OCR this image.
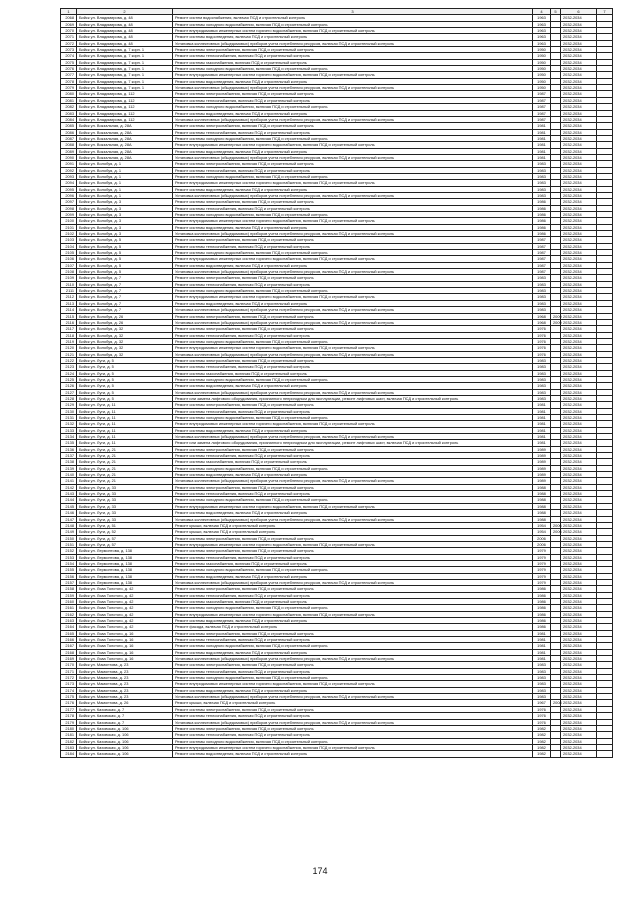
1	2	3	4	5	6	7
2068	Бийск ул. Владимирова, д. 48	Ремонт систем водоснабжения, включая ПСД и строительный контроль	1963		2032-2034	
2069	Бийск ул. Владимирова, д. 48	Ремонт системы холодного водоснабжения, включая ПСД и строительный контроль	1963		2032-2034	
2070	Бийск ул. Владимирова, д. 48	Ремонт внутридомовых инженерных систем горячего водоснабжения, включая ПСД и строительный контроль	1963		2032-2034	
2071	Бийск ул. Владимирова, д. 48	Ремонт системы водоотведения, включая ПСД и строительный контроль	1963		2032-2034	
2072	Бийск ул. Владимирова, д. 48	Установка коллективных (общедомовых) приборов учета потребления ресурсов, включая ПСД и строительный контроль	1963		2032-2034	
2073	Бийск ул. Владимирова, д. 7 корп. 1	Ремонт системы электроснабжения, включая ПСД и строительный контроль	1950		2032-2034	
2074	Бийск ул. Владимирова, д. 7 корп. 1	Ремонт системы теплоснабжения, включая ПСД и строительный контроль	1950		2032-2034	
2075	Бийск ул. Владимирова, д. 7 корп. 1	Ремонт системы газоснабжения, включая ПСД и строительный контроль	1950		2032-2034	
2076	Бийск ул. Владимирова, д. 7 корп. 1	Ремонт системы холодного водоснабжения, включая ПСД и строительный контроль	1950		2032-2034	
2077	Бийск ул. Владимирова, д. 7 корп. 1	Ремонт внутридомовых инженерных систем горячего водоснабжения, включая ПСД и строительный контроль	1950		2032-2034	
2078	Бийск ул. Владимирова, д. 7 корп. 1	Ремонт системы водоотведения, включая ПСД и строительный контроль	1950		2032-2034	
2079	Бийск ул. Владимирова, д. 7 корп. 1	Установка коллективных (общедомовых) приборов учета потребления ресурсов, включая ПСД и строительный контроль	1950		2032-2034	
2080	Бийск ул. Владимирова, д. 112	Ремонт системы электроснабжения, включая ПСД и строительный контроль	1987		2032-2034	
2081	Бийск ул. Владимирова, д. 112	Ремонт системы теплоснабжения, включая ПСД и строительный контроль	1987		2032-2034	
2082	Бийск ул. Владимирова, д. 112	Ремонт системы холодного водоснабжения, включая ПСД и строительный контроль	1987		2032-2034	
2083	Бийск ул. Владимирова, д. 112	Ремонт системы водоотведения, включая ПСД и строительный контроль	1987		2032-2034	
2084	Бийск ул. Владимирова, д. 112	Установка коллективных (общедомовых) приборов учета потребления ресурсов, включая ПСД и строительный контроль	1987		2032-2034	
2085	Бийск ул. Вокзальная, д. 28А	Ремонт системы электроснабжения, включая ПСД и строительный контроль	1981		2032-2034	
2086	Бийск ул. Вокзальная, д. 28А	Ремонт системы теплоснабжения, включая ПСД и строительный контроль	1981		2032-2034	
2087	Бийск ул. Вокзальная, д. 28А	Ремонт системы холодного водоснабжения, включая ПСД и строительный контроль	1981		2032-2034	
2088	Бийск ул. Вокзальная, д. 28А	Ремонт внутридомовых инженерных систем горячего водоснабжения, включая ПСД и строительный контроль	1981		2032-2034	
2089	Бийск ул. Вокзальная, д. 28А	Ремонт системы водоотведения, включая ПСД и строительный контроль	1981		2032-2034	
2090	Бийск ул. Вокзальная, д. 28А	Установка коллективных (общедомовых) приборов учета потребления ресурсов, включая ПСД и строительный контроль	1981		2032-2034	
2091	Бийск ул. Волобуя, д. 1	Ремонт системы электроснабжения, включая ПСД и строительный контроль	1983		2032-2034	
2092	Бийск ул. Волобуя, д. 1	Ремонт системы теплоснабжения, включая ПСД и строительный контроль	1983		2032-2034	
2093	Бийск ул. Волобуя, д. 1	Ремонт системы холодного водоснабжения, включая ПСД и строительный контроль	1983		2032-2034	
2094	Бийск ул. Волобуя, д. 1	Ремонт внутридомовых инженерных систем горячего водоснабжения, включая ПСД и строительный контроль	1983		2032-2034	
2095	Бийск ул. Волобуя, д. 1	Ремонт системы водоотведения, включая ПСД и строительный контроль	1983		2032-2034	
2096	Бийск ул. Волобуя, д. 1	Установка коллективных (общедомовых) приборов учета потребления ресурсов, включая ПСД и строительный контроль	1983		2032-2034	
2097	Бийск ул. Волобуя, д. 3	Ремонт системы электроснабжения, включая ПСД и строительный контроль	1986		2032-2034	
2098	Бийск ул. Волобуя, д. 3	Ремонт системы теплоснабжения, включая ПСД и строительный контроль	1986		2032-2034	
2099	Бийск ул. Волобуя, д. 3	Ремонт системы холодного водоснабжения, включая ПСД и строительный контроль	1986		2032-2034	
2100	Бийск ул. Волобуя, д. 3	Ремонт внутридомовых инженерных систем горячего водоснабжения, включая ПСД и строительный контроль	1986		2032-2034	
2101	Бийск ул. Волобуя, д. 3	Ремонт системы водоотведения, включая ПСД и строительный контроль	1986		2032-2034	
2102	Бийск ул. Волобуя, д. 3	Установка коллективных (общедомовых) приборов учета потребления ресурсов, включая ПСД и строительный контроль	1986		2032-2034	
2103	Бийск ул. Волобуя, д. 5	Ремонт системы электроснабжения, включая ПСД и строительный контроль	1987		2032-2034	
2104	Бийск ул. Волобуя, д. 5	Ремонт системы теплоснабжения, включая ПСД и строительный контроль	1987		2032-2034	
2105	Бийск ул. Волобуя, д. 5	Ремонт системы холодного водоснабжения, включая ПСД и строительный контроль	1987		2032-2034	
2106	Бийск ул. Волобуя, д. 5	Ремонт внутридомовых инженерных систем горячего водоснабжения, включая ПСД и строительный контроль	1987		2032-2034	
2107	Бийск ул. Волобуя, д. 5	Ремонт системы водоотведения, включая ПСД и строительный контроль	1987		2032-2034	
2108	Бийск ул. Волобуя, д. 5	Установка коллективных (общедомовых) приборов учета потребления ресурсов, включая ПСД и строительный контроль	1987		2032-2034	
2109	Бийск ул. Волобуя, д. 7	Ремонт системы электроснабжения, включая ПСД и строительный контроль	1983		2032-2034	
2110	Бийск ул. Волобуя, д. 7	Ремонт системы теплоснабжения, включая ПСД и строительный контроль	1983		2032-2034	
2111	Бийск ул. Волобуя, д. 7	Ремонт системы холодного водоснабжения, включая ПСД и строительный контроль	1983		2032-2034	
2112	Бийск ул. Волобуя, д. 7	Ремонт внутридомовых инженерных систем горячего водоснабжения, включая ПСД и строительный контроль	1983		2032-2034	
2113	Бийск ул. Волобуя, д. 7	Ремонт системы водоотведения, включая ПСД и строительный контроль	1983		2032-2034	
2114	Бийск ул. Волобуя, д. 7	Установка коллективных (общедомовых) приборов учета потребления ресурсов, включая ПСД и строительный контроль	1983		2032-2034	
2115	Бийск ул. Волобуя, д. 26	Ремонт системы электроснабжения, включая ПСД и строительный контроль	1968	2009	2032-2034	
2116	Бийск ул. Волобуя, д. 26	Установка коллективных (общедомовых) приборов учета потребления ресурсов, включая ПСД и строительный контроль	1968	2009	2032-2034	
2117	Бийск ул. Волобуя, д. 32	Ремонт системы электроснабжения, включая ПСД и строительный контроль	1976		2032-2034	
2118	Бийск ул. Волобуя, д. 32	Ремонт системы теплоснабжения, включая ПСД и строительный контроль	1976		2032-2034	
2119	Бийск ул. Волобуя, д. 32	Ремонт системы холодного водоснабжения, включая ПСД и строительный контроль	1976		2032-2034	
2120	Бийск ул. Волобуя, д. 32	Ремонт внутридомовых инженерных систем горячего водоснабжения, включая ПСД и строительный контроль	1976		2032-2034	
2121	Бийск ул. Волобуя, д. 32	Установка коллективных (общедомовых) приборов учета потребления ресурсов, включая ПСД и строительный контроль	1976		2032-2034	
2122	Бийск ул. Луги, д. 5	Ремонт системы электроснабжения, включая ПСД и строительный контроль	1983		2032-2034	
2123	Бийск ул. Луги, д. 5	Ремонт системы теплоснабжения, включая ПСД и строительный контроль	1983		2032-2034	
2124	Бийск ул. Луги, д. 5	Ремонт системы газоснабжения, включая ПСД и строительный контроль	1983		2032-2034	
2125	Бийск ул. Луги, д. 5	Ремонт системы холодного водоснабжения, включая ПСД и строительный контроль	1983		2032-2034	
2126	Бийск ул. Луги, д. 5	Ремонт системы водоотведения, включая ПСД и строительный контроль	1983		2032-2034	
2127	Бийск ул. Луги, д. 5	Установка коллективных (общедомовых) приборов учета потребления ресурсов, включая ПСД и строительный контроль	1983		2032-2034	
2128	Бийск ул. Луги, д. 5	Ремонт или замена лифтового оборудования, признанного непригодным для эксплуатации, ремонт лифтовых шахт, включая ПСД и строительный контроль	1983		2032-2034	
2129	Бийск ул. Луги, д. 11	Ремонт системы электроснабжения, включая ПСД и строительный контроль	1981		2032-2034	
2130	Бийск ул. Луги, д. 11	Ремонт системы теплоснабжения, включая ПСД и строительный контроль	1981		2032-2034	
2131	Бийск ул. Луги, д. 11	Ремонт системы холодного водоснабжения, включая ПСД и строительный контроль	1981		2032-2034	
2132	Бийск ул. Луги, д. 11	Ремонт внутридомовых инженерных систем горячего водоснабжения, включая ПСД и строительный контроль	1981		2032-2034	
2133	Бийск ул. Луги, д. 11	Ремонт системы водоотведения, включая ПСД и строительный контроль	1981		2032-2034	
2134	Бийск ул. Луги, д. 11	Установка коллективных (общедомовых) приборов учета потребления ресурсов, включая ПСД и строительный контроль	1981		2032-2034	
2135	Бийск ул. Луги, д. 11	Ремонт или замена лифтового оборудования, признанного непригодным для эксплуатации, ремонт лифтовых шахт, включая ПСД и строительный контроль	1981		2032-2034	
2136	Бийск ул. Луги, д. 21	Ремонт системы электроснабжения, включая ПСД и строительный контроль	1989		2032-2034	
2137	Бийск ул. Луги, д. 21	Ремонт системы теплоснабжения, включая ПСД и строительный контроль	1989		2032-2034	
2138	Бийск ул. Луги, д. 21	Ремонт системы газоснабжения, включая ПСД и строительный контроль	1989		2032-2034	
2139	Бийск ул. Луги, д. 21	Ремонт системы холодного водоснабжения, включая ПСД и строительный контроль	1989		2032-2034	
2140	Бийск ул. Луги, д. 21	Ремонт системы водоотведения, включая ПСД и строительный контроль	1989		2032-2034	
2141	Бийск ул. Луги, д. 21	Установка коллективных (общедомовых) приборов учета потребления ресурсов, включая ПСД и строительный контроль	1989		2032-2034	
2142	Бийск ул. Луги, д. 33	Ремонт системы электроснабжения, включая ПСД и строительный контроль	1988		2032-2034	
2143	Бийск ул. Луги, д. 33	Ремонт системы теплоснабжения, включая ПСД и строительный контроль	1988		2032-2034	
2144	Бийск ул. Луги, д. 33	Ремонт системы холодного водоснабжения, включая ПСД и строительный контроль	1988		2032-2034	
2145	Бийск ул. Луги, д. 33	Ремонт внутридомовых инженерных систем горячего водоснабжения, включая ПСД и строительный контроль	1988		2032-2034	
2146	Бийск ул. Луги, д. 33	Ремонт системы водоотведения, включая ПСД и строительный контроль	1988		2032-2034	
2147	Бийск ул. Луги, д. 33	Установка коллективных (общедомовых) приборов учета потребления ресурсов, включая ПСД и строительный контроль	1988		2032-2034	
2148	Бийск ул. Луги, д. 51	Ремонт крыши, включая ПСД и строительный контроль	1954	2006	2032-2034	
2149	Бийск ул. Луги, д. 52	Ремонт крыши, включая ПСД и строительный контроль	1954	2006	2032-2034	
2150	Бийск ул. Луги, д. 57	Ремонт системы электроснабжения, включая ПСД и строительный контроль	2006		2032-2034	
2151	Бийск ул. Луги, д. 57	Ремонт внутридомовых инженерных систем горячего водоснабжения, включая ПСД и строительный контроль	2006		2032-2034	
2152	Бийск ул. Лермонтова, д. 138	Ремонт системы электроснабжения, включая ПСД и строительный контроль	1979		2032-2034	
2153	Бийск ул. Лермонтова, д. 138	Ремонт системы теплоснабжения, включая ПСД и строительный контроль	1979		2032-2034	
2154	Бийск ул. Лермонтова, д. 138	Ремонт системы газоснабжения, включая ПСД и строительный контроль	1979		2032-2034	
2155	Бийск ул. Лермонтова, д. 138	Ремонт системы холодного водоснабжения, включая ПСД и строительный контроль	1979		2032-2034	
2156	Бийск ул. Лермонтова, д. 138	Ремонт системы водоотведения, включая ПСД и строительный контроль	1979		2032-2034	
2157	Бийск ул. Лермонтова, д. 138	Установка коллективных (общедомовых) приборов учета потребления ресурсов, включая ПСД и строительный контроль	1979		2032-2034	
2158	Бийск ул. Льва Толстого, д. 42	Ремонт системы электроснабжения, включая ПСД и строительный контроль	1986		2032-2034	
2159	Бийск ул. Льва Толстого, д. 42	Ремонт системы теплоснабжения, включая ПСД и строительный контроль	1986		2032-2034	
2160	Бийск ул. Льва Толстого, д. 42	Ремонт системы газоснабжения, включая ПСД и строительный контроль	1986		2032-2034	
2161	Бийск ул. Льва Толстого, д. 42	Ремонт системы холодного водоснабжения, включая ПСД и строительный контроль	1986		2032-2034	
2162	Бийск ул. Льва Толстого, д. 42	Ремонт внутридомовых инженерных систем горячего водоснабжения, включая ПСД и строительный контроль	1986		2032-2034	
2163	Бийск ул. Льва Толстого, д. 42	Ремонт системы водоотведения, включая ПСД и строительный контроль	1986		2032-2034	
2164	Бийск ул. Льва Толстого, д. 42	Ремонт фасада, включая ПСД и строительный контроль	1986		2032-2034	
2165	Бийск ул. Льва Толстого, д. 16	Ремонт системы электроснабжения, включая ПСД и строительный контроль	1981		2032-2034	
2166	Бийск ул. Льва Толстого, д. 16	Ремонт системы теплоснабжения, включая ПСД и строительный контроль	1981		2032-2034	
2167	Бийск ул. Льва Толстого, д. 16	Ремонт системы холодного водоснабжения, включая ПСД и строительный контроль	1981		2032-2034	
2168	Бийск ул. Льва Толстого, д. 16	Ремонт системы водоотведения, включая ПСД и строительный контроль	1981		2032-2034	
2169	Бийск ул. Льва Толстого, д. 16	Установка коллективных (общедомовых) приборов учета потребления ресурсов, включая ПСД и строительный контроль	1981		2032-2034	
2170	Бийск ул. Мамонтова, д. 23	Ремонт системы электроснабжения, включая ПСД и строительный контроль	1983		2032-2034	
2171	Бийск ул. Мамонтова, д. 23	Ремонт системы теплоснабжения, включая ПСД и строительный контроль	1983		2032-2034	
2172	Бийск ул. Мамонтова, д. 23	Ремонт системы холодного водоснабжения, включая ПСД и строительный контроль	1983		2032-2034	
2173	Бийск ул. Мамонтова, д. 23	Ремонт внутридомовых инженерных систем горячего водоснабжения, включая ПСД и строительный контроль	1983		2032-2034	
2174	Бийск ул. Мамонтова, д. 23	Ремонт системы водоотведения, включая ПСД и строительный контроль	1983		2032-2034	
2175	Бийск ул. Мамонтова, д. 23	Установка коллективных (общедомовых) приборов учета потребления ресурсов, включая ПСД и строительный контроль	1983		2032-2034	
2176	Бийск ул. Мамонтова, д. 26	Ремонт крыши, включая ПСД и строительный контроль	1967	2008	2032-2034	
2177	Бийск ул. Каховская, д. 7	Ремонт системы электроснабжения, включая ПСД и строительный контроль	1976		2032-2034	
2178	Бийск ул. Каховская, д. 7	Ремонт системы теплоснабжения, включая ПСД и строительный контроль	1976		2032-2034	
2179	Бийск ул. Каховская, д. 7	Установка коллективных (общедомовых) приборов учета потребления ресурсов, включая ПСД и строительный контроль	1976		2032-2034	
2180	Бийск ул. Каховская, д. 106	Ремонт системы электроснабжения, включая ПСД и строительный контроль	1982		2032-2034	
2181	Бийск ул. Каховская, д. 106	Ремонт системы теплоснабжения, включая ПСД и строительный контроль	1982		2032-2034	
2182	Бийск ул. Каховская, д. 106	Ремонт системы холодного водоснабжения, включая ПСД и строительный контроль	1982		2032-2034	
2183	Бийск ул. Каховская, д. 106	Ремонт внутридомовых инженерных систем горячего водоснабжения, включая ПСД и строительный контроль	1982		2032-2034	
2184	Бийск ул. Каховская, д. 106	Ремонт системы водоотведения, включая ПСД и строительный контроль	1982		2032-2034	
174
